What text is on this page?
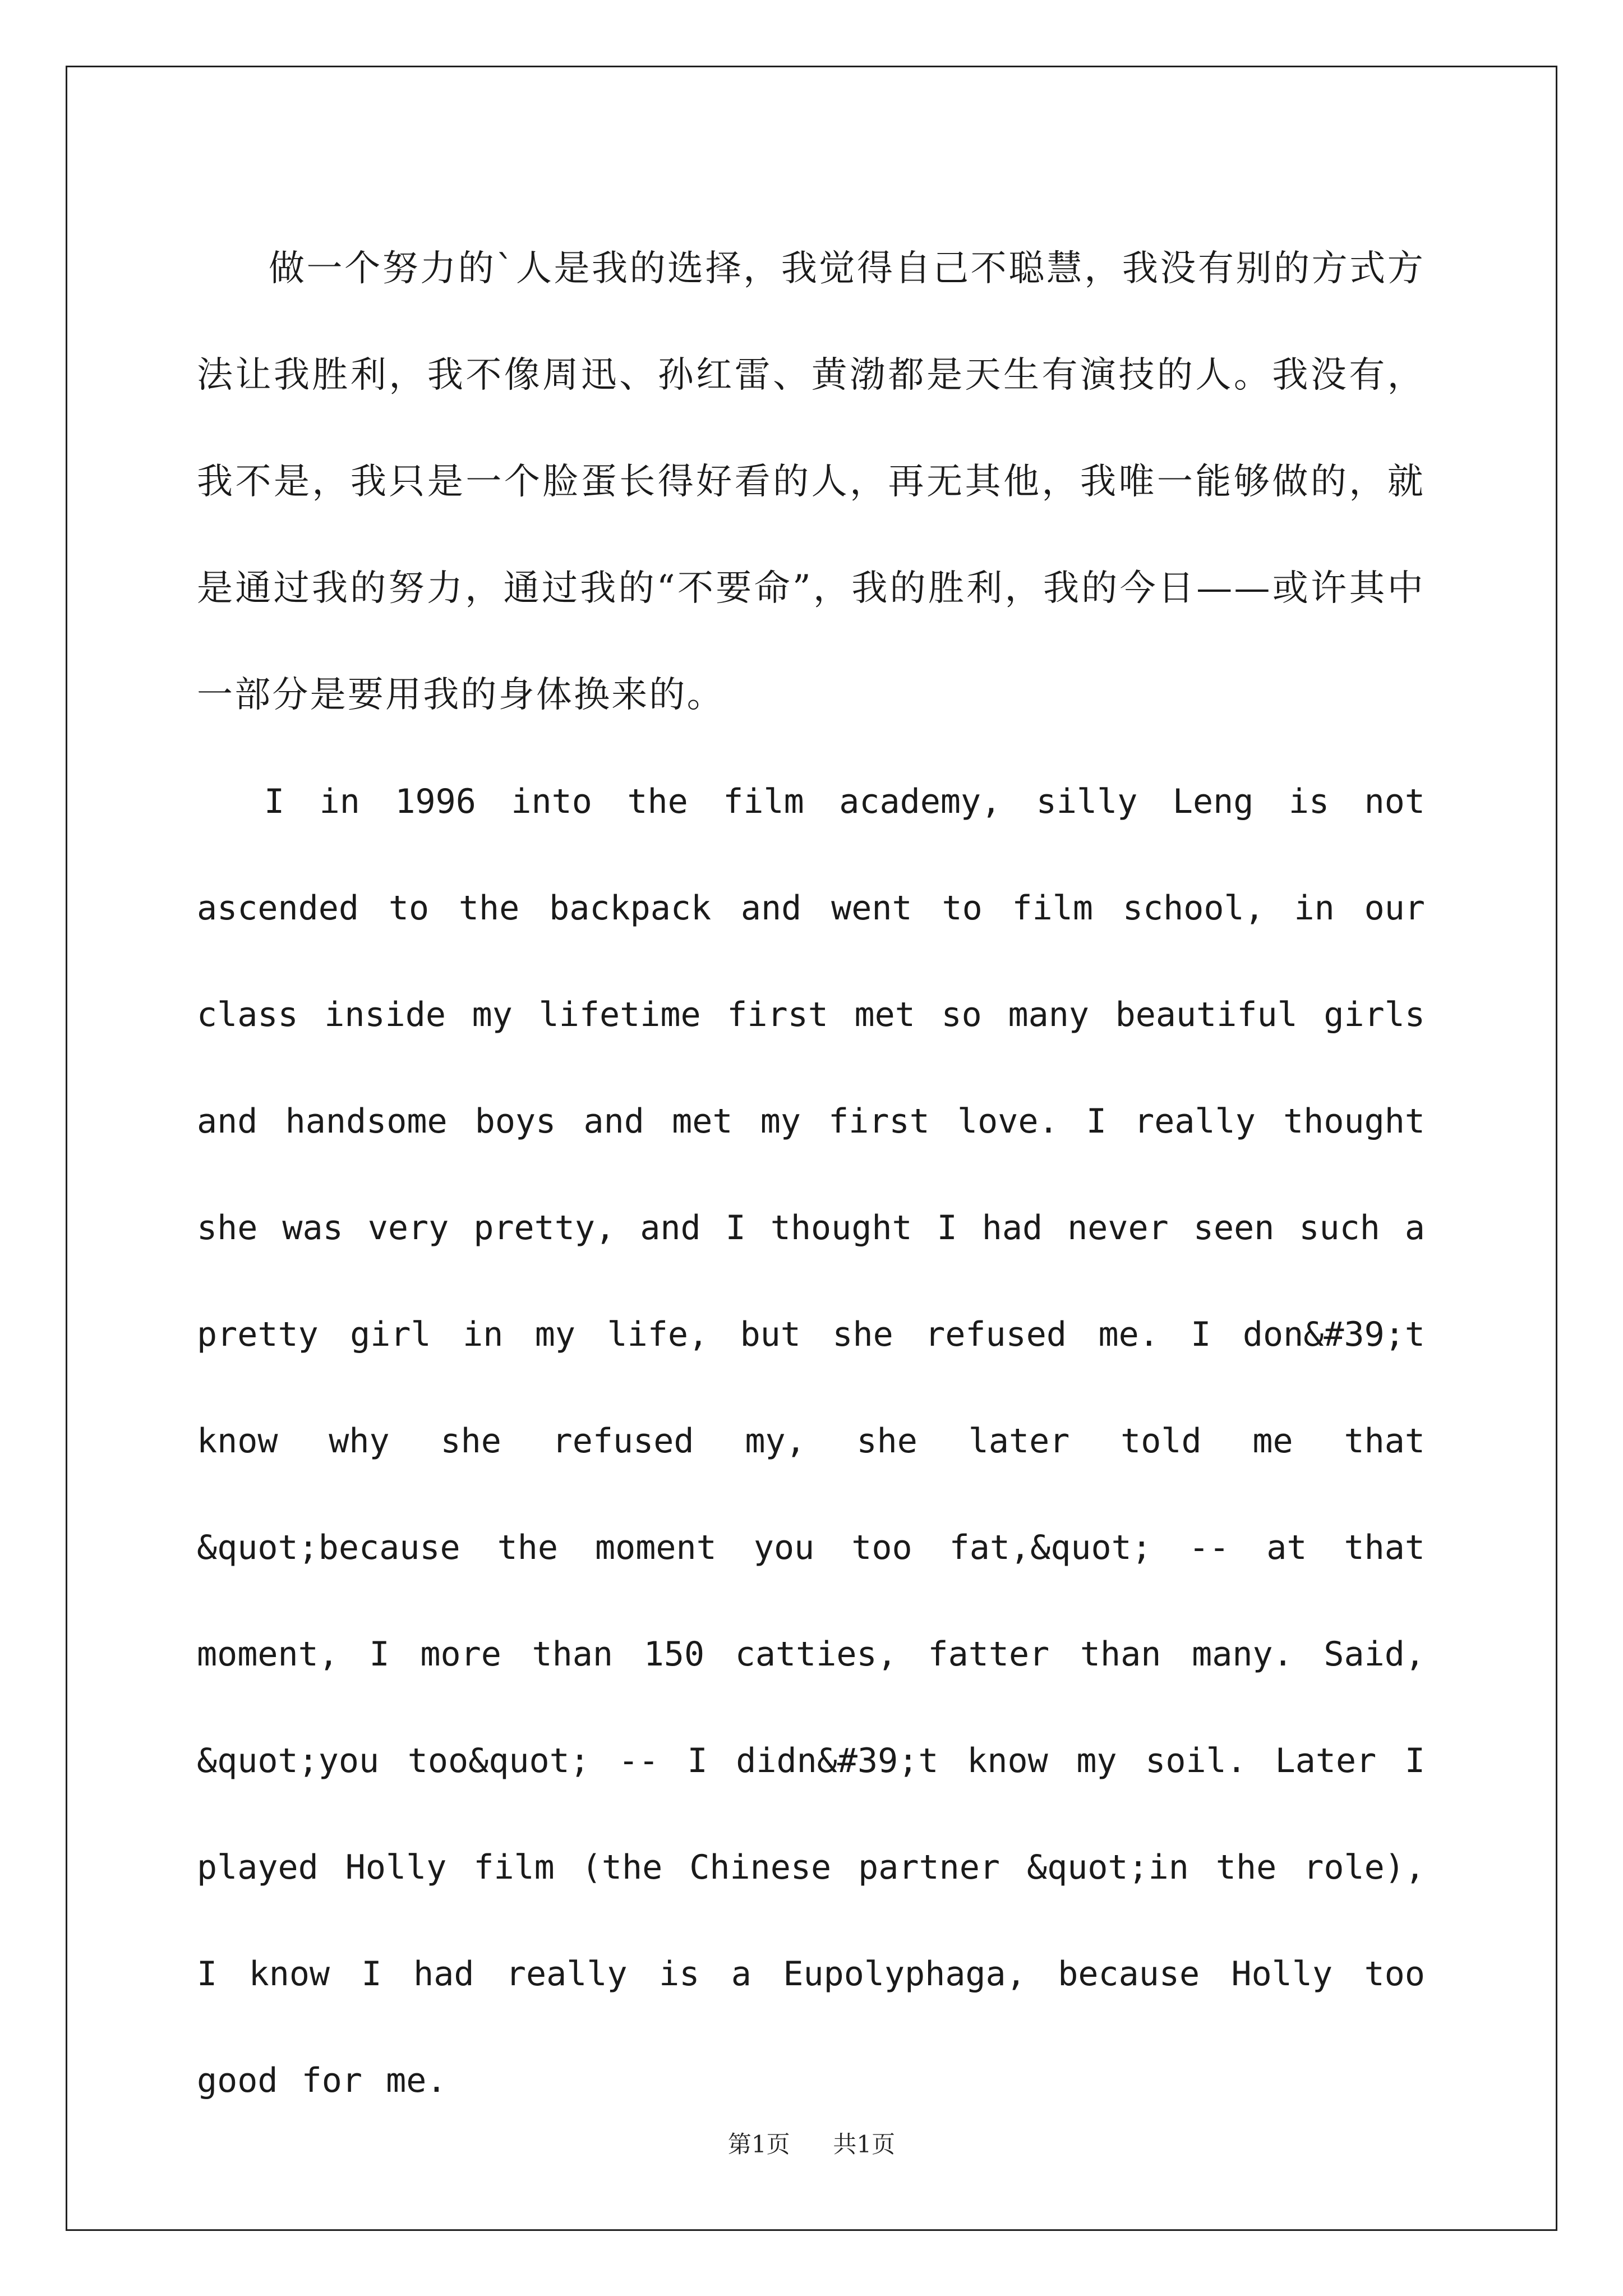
做一个努力的`人是我的选择，我觉得自己不聪慧，我没有别的方式方法让我胜利，我不像周迅、孙红雷、黄渤都是天生有演技的人。我没有，我不是，我只是一个脸蛋长得好看的人，再无其他，我唯一能够做的，就是通过我的努力，通过我的“不要命”，我的胜利，我的今日——或许其中一部分是要用我的身体换来的。

I in 1996 into the film academy, silly Leng is not ascended to the backpack and went to film school, in our class inside my lifetime first met so many beautiful girls and handsome boys and met my first love. I really thought she was very pretty, and I thought I had never seen such a pretty girl in my life, but she refused me. I don&#39;t know why she refused my, she later told me that &quot;because the moment you too fat,&quot; -- at that moment, I more than 150 catties, fatter than many. Said, &quot;you too&quot; -- I didn&#39;t know my soil. Later I played Holly film (the Chinese partner &quot;in the role), I know I had really is a Eupolyphaga, because Holly too good for me.

第1页 共1页
